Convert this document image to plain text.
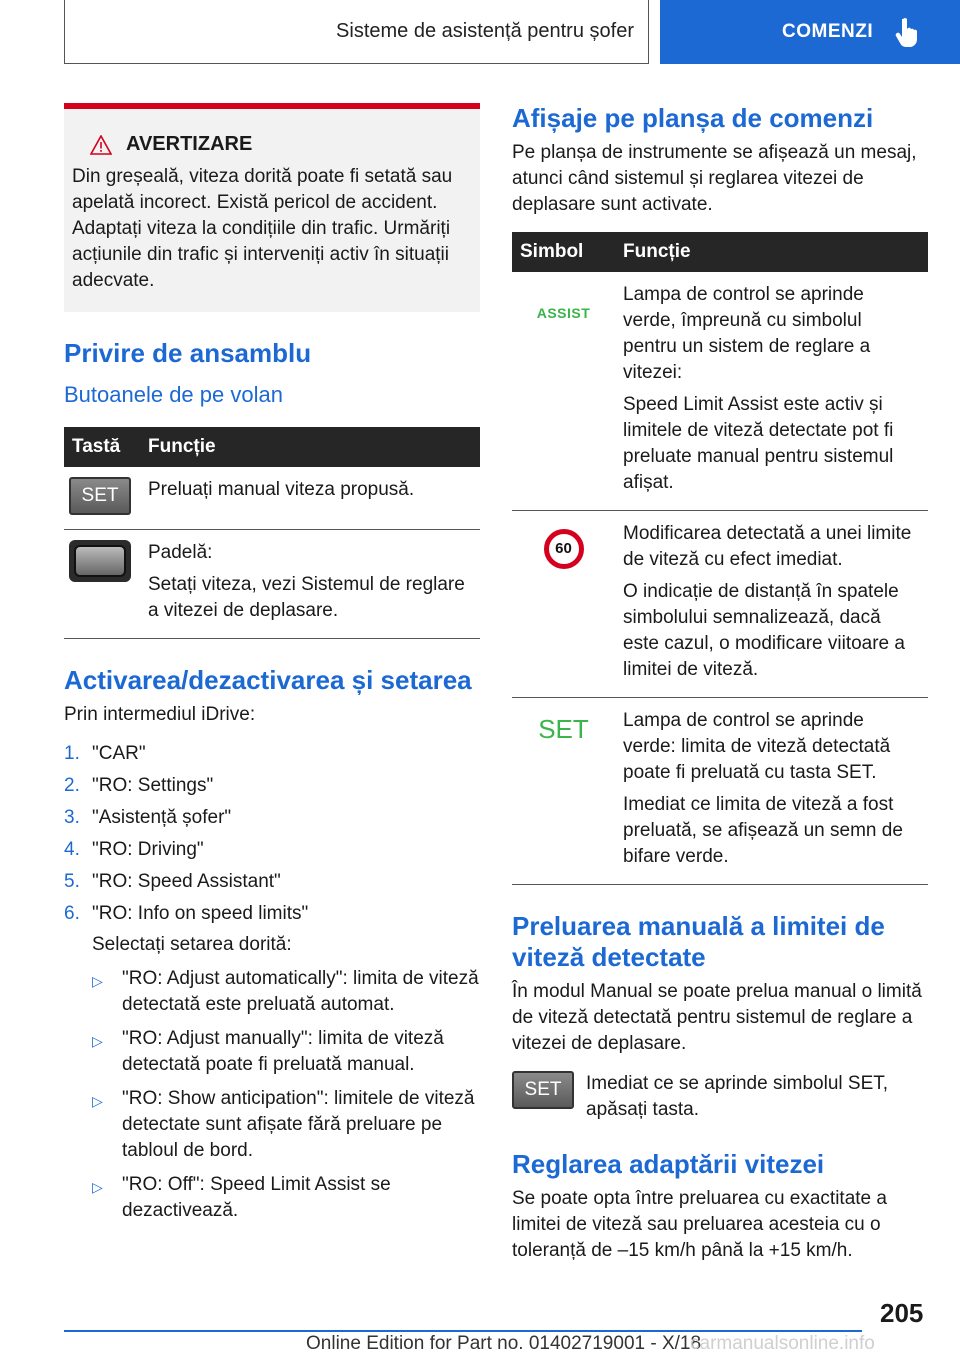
Sisteme de asistență pentru șofer	COMENZI
AVERTIZARE

Din greșeală, viteza dorită poate fi setată sau apelată incorect. Există pericol de accident. Adaptați viteza la condițiile din trafic. Urmăriți acțiunile din trafic și interveniți activ în situații adecvate.

Privire de ansamblu
Butoanele de pe volan
Tastă	Funcție
SET	Preluați manual viteza propusă.

	Padelă:

Setați viteza, vezi Sistemul de reglare a vitezei de deplasare.

Activarea/dezactivarea și setarea

Prin intermediul iDrive:

1. "CAR"
2. "RO: Settings"
3. "Asistență șofer"
4. "RO: Driving"
5. "RO: Speed Assistant"
6. "RO: Info on speed limits"

Selectați setarea dorită:

▷	"RO: Adjust automatically": limita de viteză detectată este preluată automat.
▷	"RO: Adjust manually": limita de viteză detectată poate fi preluată manual.
▷	"RO: Show anticipation": limitele de viteză detectate sunt afișate fără preluare pe tabloul de bord.
▷	"RO: Off": Speed Limit Assist se dezactivează.
Afișaje pe planșa de comenzi

Pe planșa de instrumente se afișează un mesaj, atunci când sistemul și reglarea vitezei de deplasare sunt activate.

Simbol	Funcție
ASSIST	Lampa de control se aprinde verde, împreună cu simbolul pentru un sistem de reglare a vitezei:

Speed Limit Assist este activ și limitele de viteză detectate pot fi preluate manual pentru sistemul afișat.

60	Modificarea detectată a unei limite de viteză cu efect imediat.

O indicație de distanță în spatele simbolului semnalizează, dacă este cazul, o modificare viitoare a limitei de viteză.

SET	Lampa de control se aprinde verde: limita de viteză detectată poate fi preluată cu tasta SET.

Imediat ce limita de viteză a fost preluată, se afișează un semn de bifare verde.

Preluarea manuală a limitei de viteză detectate

În modul Manual se poate prelua manual o limită de viteză detectată pentru sistemul de reglare a vitezei de deplasare.

SET	Imediat ce se aprinde simbolul SET, apăsați tasta.

Reglarea adaptării vitezei

Se poate opta între preluarea cu exactitate a limitei de viteză sau preluarea acesteia cu o toleranță de –15 km/h până la +15 km/h.

205
Online Edition for Part no. 01402719001 - X/18
carmanualsonline.info
